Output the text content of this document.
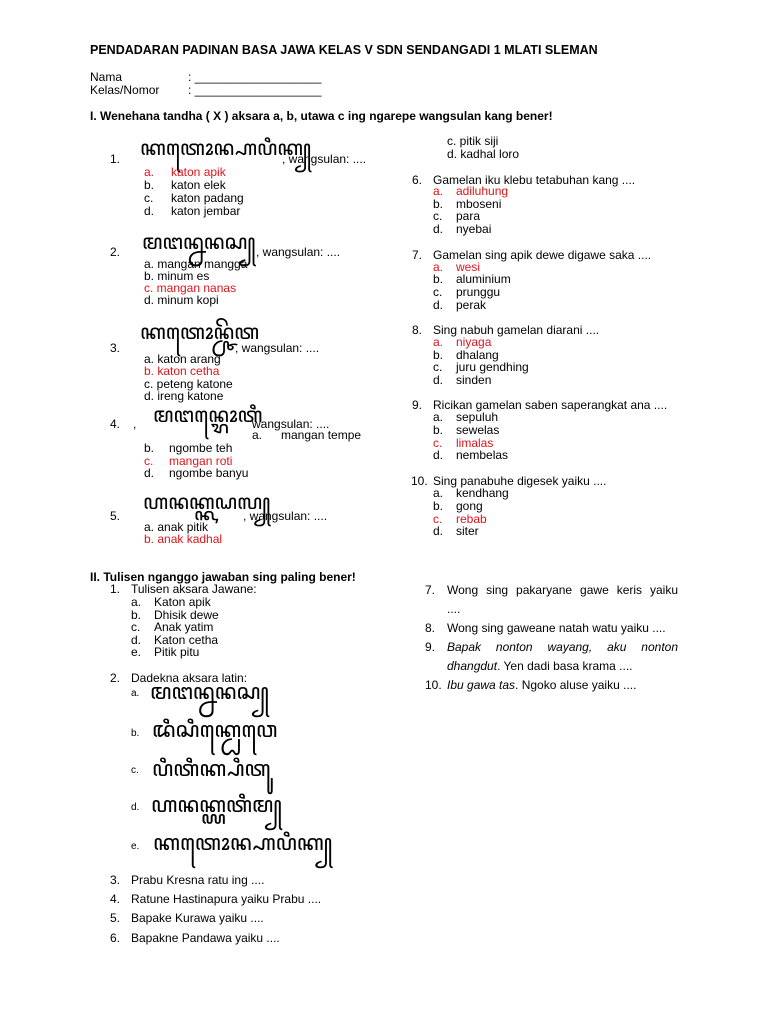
PENDADARAN PADINAN BASA JAWA KELAS V SDN SENDANGADI 1 MLATI SLEMAN
Nama	: ___________________
Kelas/Nomor : ___________________
I. Wenehana tandha ( X ) aksara a, b, utawa c ing ngarepe wangsulan kang bener!
1. ꦏꦠꦺꦴꦤ꧀ꦲꦥꦶꦏ꧀
, wangsulan: ....
a. katon apik
b. katon elek
c. katon padang
d. katon jembar
2. ꦩꦔꦤ꧀ꦤꦤꦱ꧀ , wangsulan: ....
a. mangan mangga
b. minum es
c. mangan nanas
d. minum kopi
3.
ꦏꦠꦺꦴꦤ꧀ꦕꦼꦠ
, wangsulan: ....
a. katon arang
b. katon cetha
c. peteng katone
d. ireng katone
4. , ꦩꦔꦤ꧀ꦫꦺꦴꦠꦶ
wangsulan: ....
a. mangan tempe
b. ngombe teh
c. mangan roti
d. ngombe banyu
5.
ꦲꦤꦏ꧀ꦏꦝꦭ꧀
, wangsulan: ....
a. anak pitik
b. anak kadhal
c. pitik siji
d. kadhal loro
6. Gamelan iku klebu tetabuhan kang ....
a. adiluhung
b. mboseni
c. para
d. nyebai
7. Gamelan sing apik dewe digawe saka ....
a. wesi
b. aluminium
c. prunggu
d. perak
8. Sing nabuh gamelan diarani ....
a. niyaga
b. dhalang
c. juru gendhing
d. sinden
9. Ricikan gamelan saben saperangkat ana ....
a. sepuluh
b. sewelas
c. limalas
d. nembelas
10. Sing panabuhe digesek yaiku ....
a. kendhang
b. gong
c. rebab
d. siter
II. Tulisen nganggo jawaban sing paling bener!
1. Tulisen aksara Jawane:
a. Katon apik
b. Dhisik dewe
c. Anak yatim
d. Katon cetha
e. Pitik pitu
2. Dadekna aksara latin:
a. ꦩꦔꦤ꧀ꦤꦤꦱ꧀
b. ꦢꦶꦱꦶꦏ꧀ꦝꦺꦮꦺ
c. ꦥꦶꦠꦶꦏ꧀ꦥꦶꦠꦸ
d. ꦲꦤꦏ꧀ꦪꦠꦶꦩ꧀
e. ꦏꦠꦺꦴꦤ꧀ꦲꦥꦶꦏ꧀
3. Prabu Kresna ratu ing ....
4. Ratune Hastinapura yaiku Prabu ....
5. Bapake Kurawa yaiku ....
6. Bapakne Pandawa yaiku ....
7. Wong sing pakaryane gawe keris yaiku
....
8. Wong sing gaweane natah watu yaiku ....
9. Bapak nonton wayang, aku nonton
dhangdut. Yen dadi basa krama ....
10. Ibu gawa tas. Ngoko aluse yaiku ....
